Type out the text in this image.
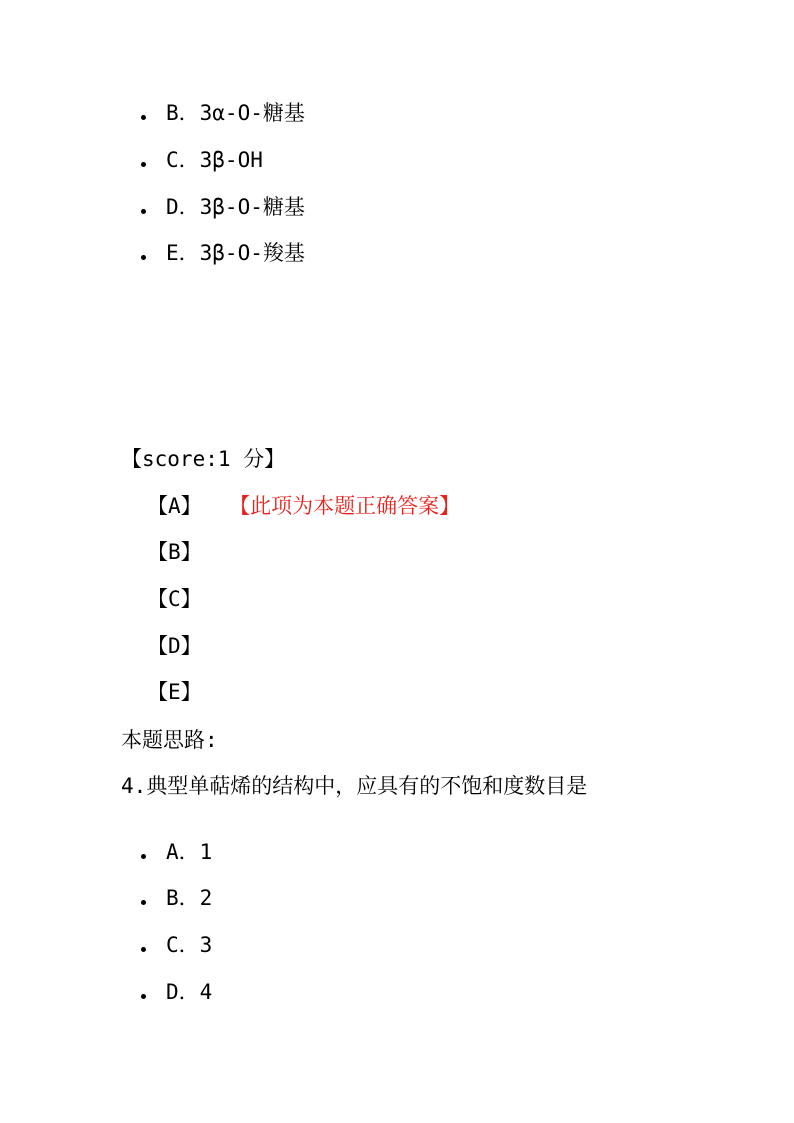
B．3α-O-糖基
C．3β-OH
D．3β-O-糖基
E．3β-O-羧基
【score:1 分】
【A】 【此项为本题正确答案】
【B】
【C】
【D】
【E】
本题思路:
4.典型单萜烯的结构中，应具有的不饱和度数目是
A．1
B．2
C．3
D．4
